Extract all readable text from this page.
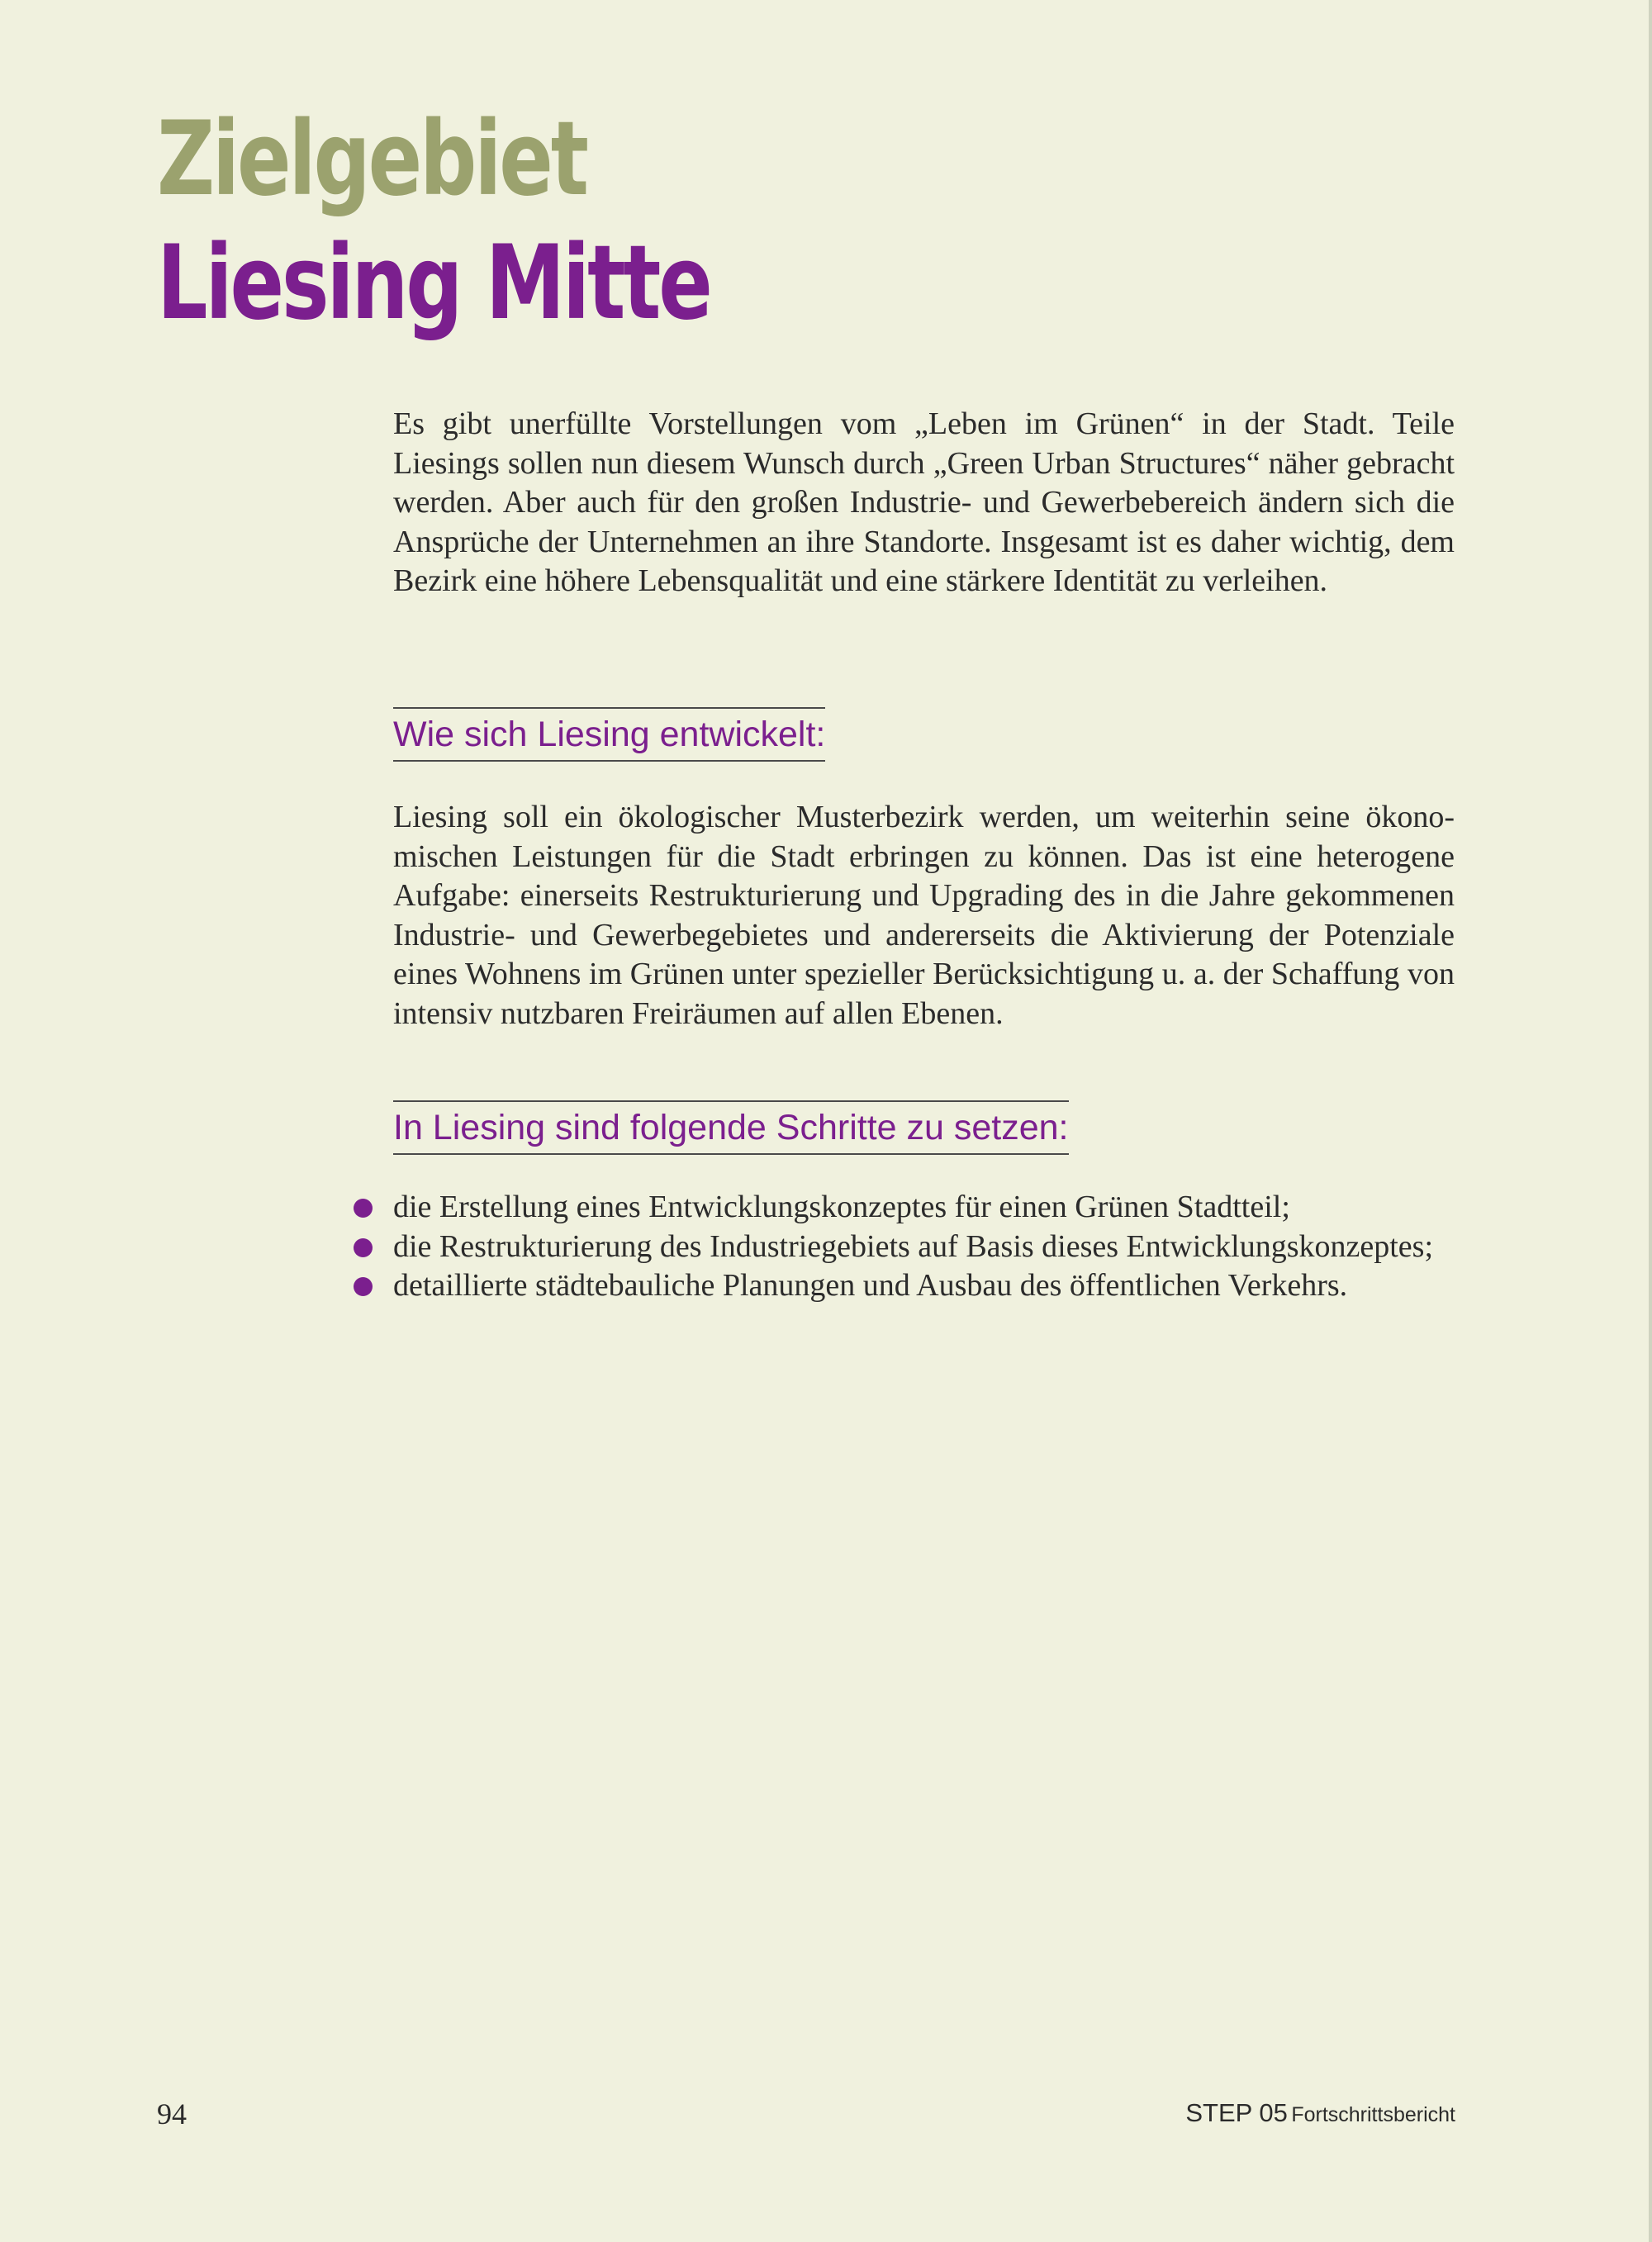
Zielgebiet
Liesing Mitte

Es gibt unerfüllte Vorstellungen vom „Leben im Grünen“ in der Stadt. Teile Liesings sollen nun diesem Wunsch durch „Green Urban Structures“ näher gebracht werden. Aber auch für den großen Industrie- und Gewerbebereich ändern sich die Ansprüche der Unternehmen an ihre Standorte. Insgesamt ist es daher wichtig, dem Bezirk eine höhere Lebensqualität und eine stärkere Identität zu verleihen.

Wie sich Liesing entwickelt:

Liesing soll ein ökologischer Musterbezirk werden, um weiterhin seine ökonomischen Leistungen für die Stadt erbringen zu können. Das ist eine heterogene Aufgabe: einerseits Restrukturierung und Upgrading des in die Jahre gekommenen Industrie- und Gewerbegebietes und andererseits die Aktivierung der Potenziale eines Wohnens im Grünen unter spezieller Berücksichtigung u. a. der Schaffung von intensiv nutzbaren Freiräumen auf allen Ebenen.

In Liesing sind folgende Schritte zu setzen:
die Erstellung eines Entwicklungskonzeptes für einen Grünen Stadtteil;
die Restrukturierung des Industriegebiets auf Basis dieses Entwicklungskonzeptes;
detaillierte städtebauliche Planungen und Ausbau des öffentlichen Verkehrs.
94	STEP 05 Fortschrittsbericht
